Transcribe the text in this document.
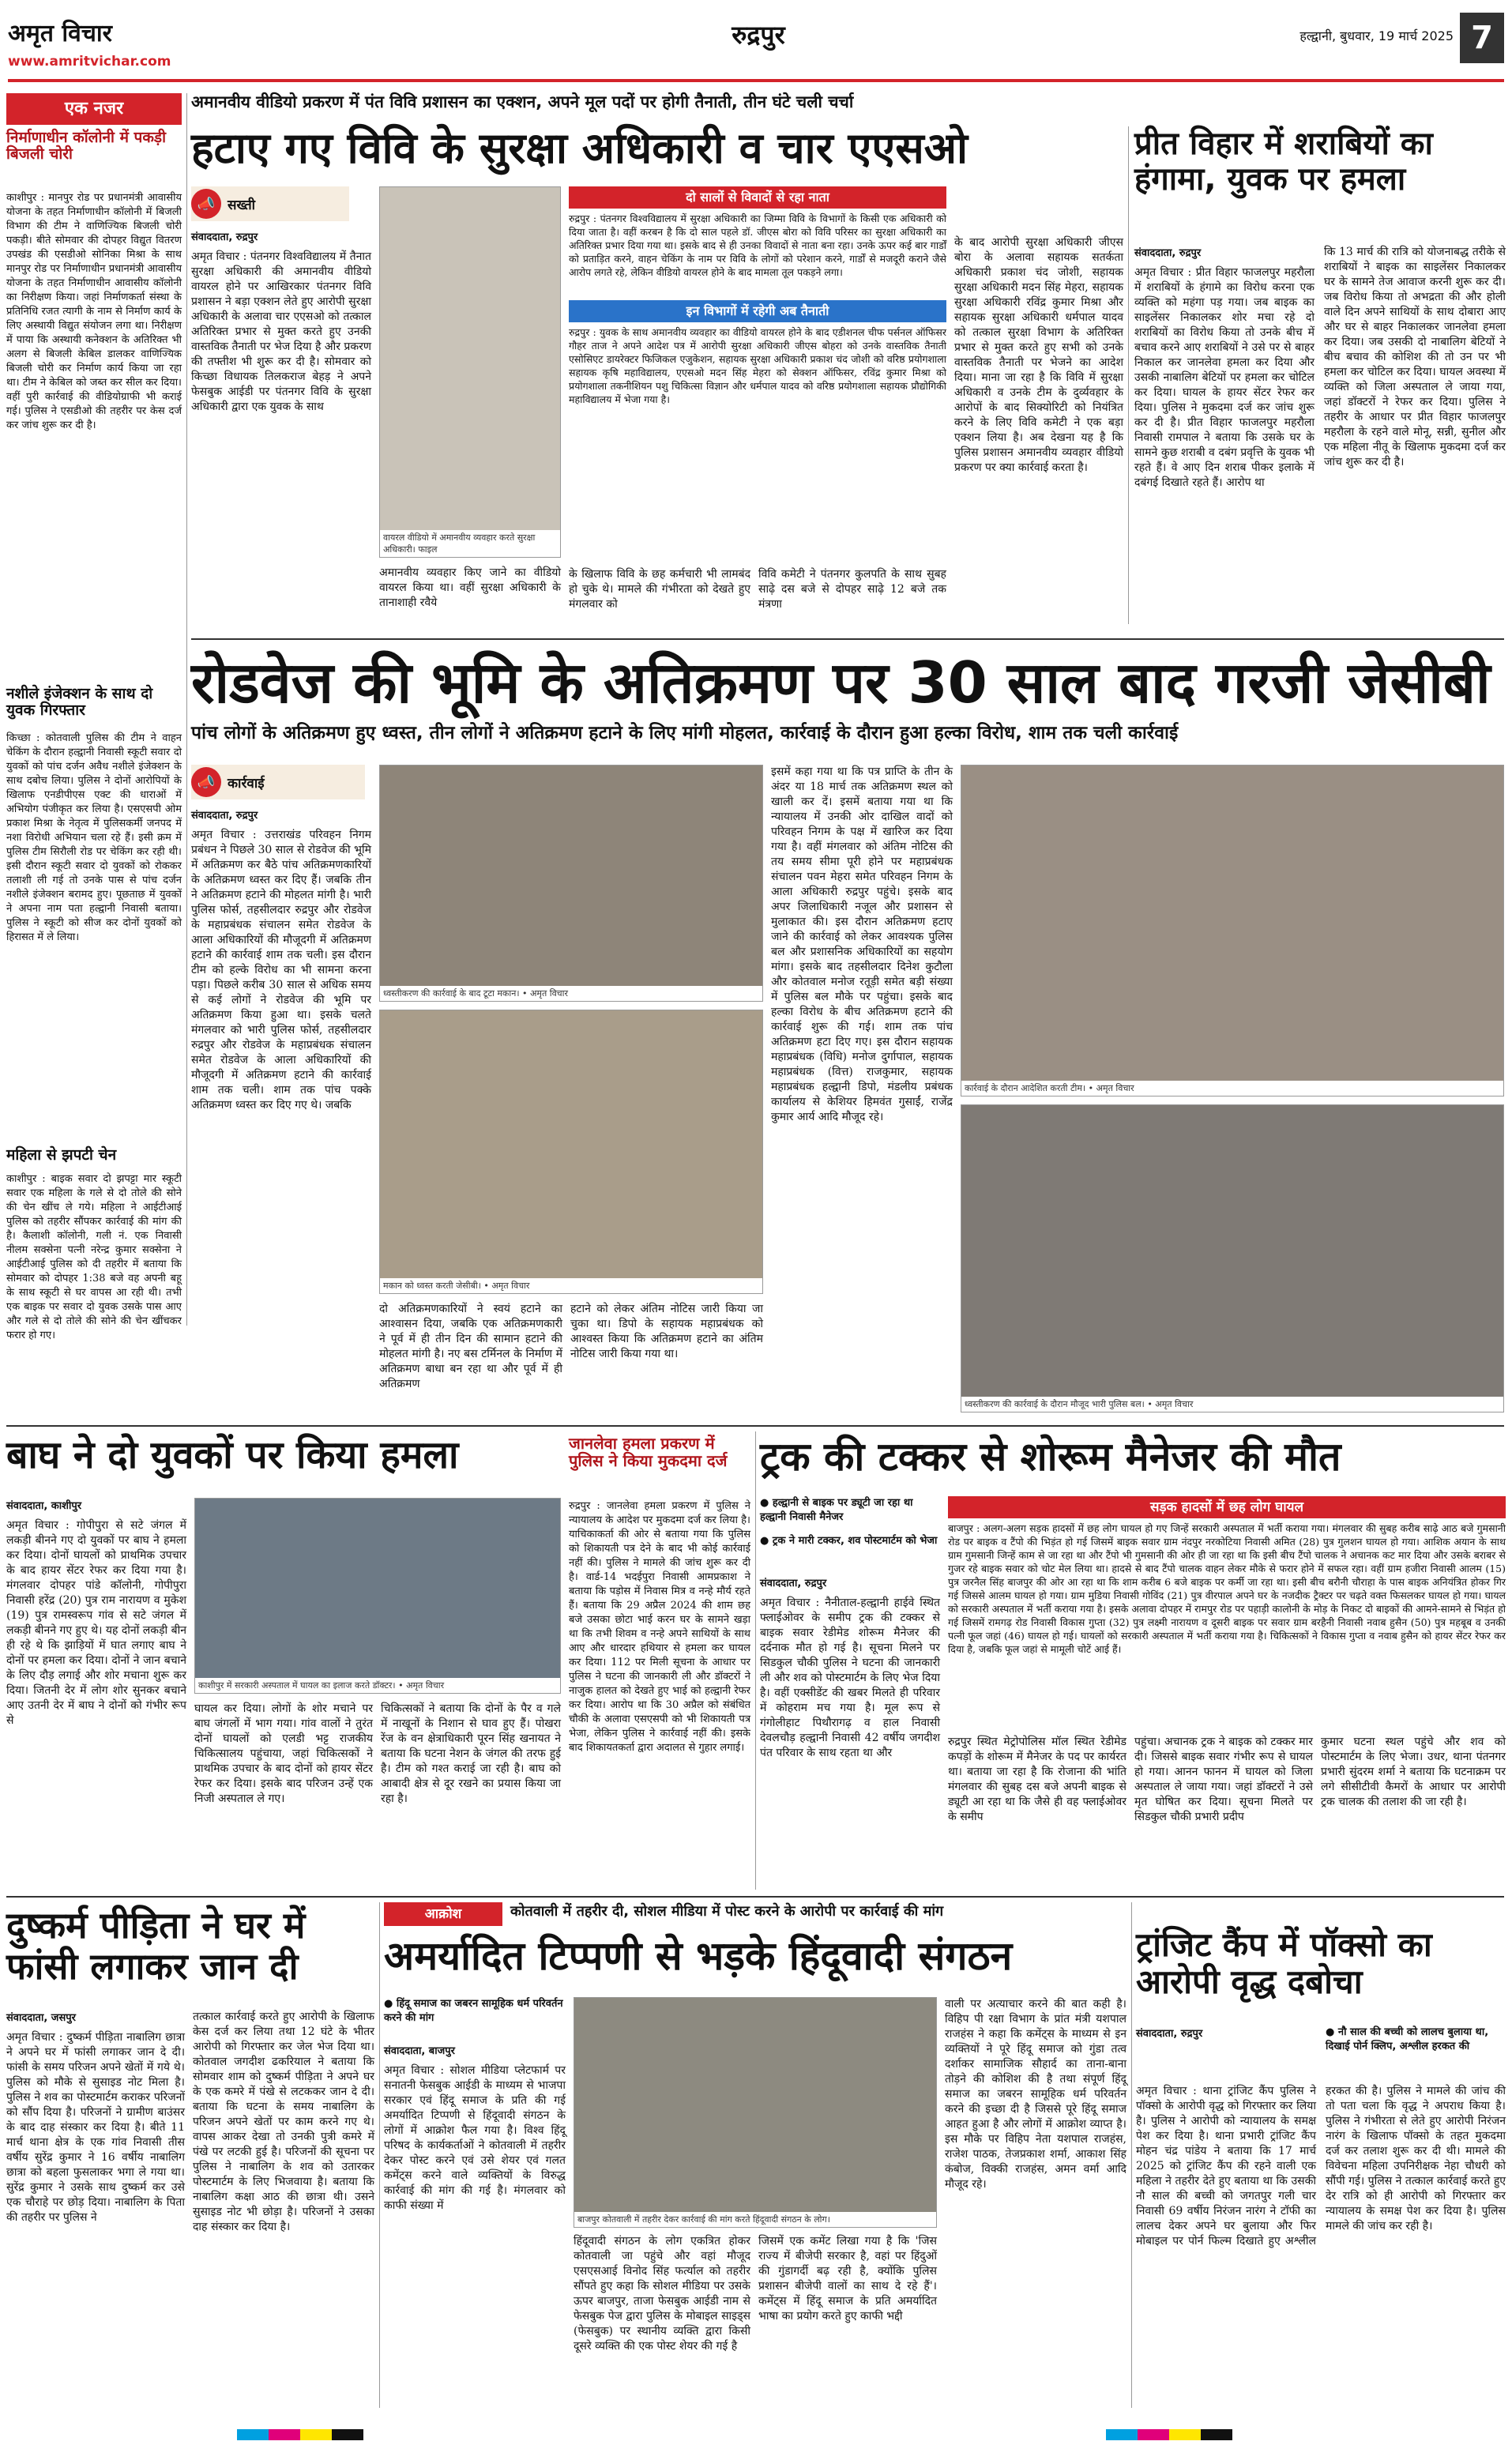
अमृत विचार
www.amritvichar.com
रुद्रपुर	हल्द्वानी, बुधवार, 19 मार्च 2025 7
एक नजर
निर्माणाधीन कॉलोनी में पकड़ी बिजली चोरी

काशीपुर : मानपुर रोड पर प्रधानमंत्री आवासीय योजना के तहत निर्माणाधीन कॉलोनी में बिजली विभाग की टीम ने वाणिज्यिक बिजली चोरी पकड़ी। बीते सोमवार की दोपहर विद्युत वितरण उपखंड की एसडीओ सोनिका मिश्रा के साथ मानपुर रोड पर निर्माणाधीन प्रधानमंत्री आवासीय योजना के तहत निर्माणाधीन आवासीय कॉलोनी का निरीक्षण किया। जहां निर्माणकर्ता संस्था के प्रतिनिधि रजत त्यागी के नाम से निर्माण कार्य के लिए अस्थायी विद्युत संयोजन लगा था। निरीक्षण में पाया कि अस्थायी कनेक्शन के अतिरिक्त भी अलग से बिजली केबिल डालकर वाणिज्यिक बिजली चोरी कर निर्माण कार्य किया जा रहा था। टीम ने केबिल को जब्त कर सील कर दिया। वहीं पुरी कार्रवाई की वीडियोग्राफी भी कराई गई। पुलिस ने एसडीओ की तहरीर पर केस दर्ज कर जांच शुरू कर दी है।

नशीले इंजेक्शन के साथ दो युवक गिरफ्तार

किच्छा : कोतवाली पुलिस की टीम ने वाहन चेकिंग के दौरान हल्द्वानी निवासी स्कूटी सवार दो युवकों को पांच दर्जन अवैध नशीले इंजेक्शन के साथ दबोच लिया। पुलिस ने दोनों आरोपियों के खिलाफ एनडीपीएस एक्ट की धाराओं में अभियोग पंजीकृत कर लिया है। एसएसपी ओम प्रकाश मिश्रा के नेतृत्व में पुलिसकर्मी जनपद में नशा विरोधी अभियान चला रहे हैं। इसी क्रम में पुलिस टीम सिरौली रोड पर चेकिंग कर रही थी। इसी दौरान स्कूटी सवार दो युवकों को रोककर तलाशी ली गई तो उनके पास से पांच दर्जन नशीले इंजेक्शन बरामद हुए। पूछताछ में युवकों ने अपना नाम पता हल्द्वानी निवासी बताया। पुलिस ने स्कूटी को सीज कर दोनों युवकों को हिरासत में ले लिया।

महिला से झपटी चेन

काशीपुर : बाइक सवार दो झपट्टा मार स्कूटी सवार एक महिला के गले से दो तोले की सोने की चेन खींच ले गये। महिला ने आईटीआई पुलिस को तहरीर सौंपकर कार्रवाई की मांग की है। कैलाशी कॉलोनी, गली नं. एक निवासी नीलम सक्सेना पत्नी नरेन्द्र कुमार सक्सेना ने आईटीआई पुलिस को दी तहरीर में बताया कि सोमवार को दोपहर 1:38 बजे वह अपनी बहू के साथ स्कूटी से घर वापस आ रही थी। तभी एक बाइक पर सवार दो युवक उसके पास आए और गले से दो तोले की सोने की चेन खींचकर फरार हो गए।

अमानवीय वीडियो प्रकरण में पंत विवि प्रशासन का एक्शन, अपने मूल पदों पर होगी तैनाती, तीन घंटे चली चर्चा
हटाए गए विवि के सुरक्षा अधिकारी व चार एएसओ
📣 सख्ती
संवाददाता, रुद्रपुर

अमृत विचार : पंतनगर विश्वविद्यालय में तैनात सुरक्षा अधिकारी की अमानवीय वीडियो वायरल होने पर आखिरकार पंतनगर विवि प्रशासन ने बड़ा एक्शन लेते हुए आरोपी सुरक्षा अधिकारी के अलावा चार एएसओ को तत्काल अतिरिक्त प्रभार से मुक्त करते हुए उनकी वास्तविक तैनाती पर भेज दिया है और प्रकरण की तफ्तीश भी शुरू कर दी है। सोमवार को किच्छा विधायक तिलकराज बेहड़ ने अपने फेसबुक आईडी पर पंतनगर विवि के सुरक्षा अधिकारी द्वारा एक युवक के साथ

वायरल वीडियो में अमानवीय व्यवहार करते सुरक्षा अधिकारी। फाइल

अमानवीय व्यवहार किए जाने का वीडियो वायरल किया था। वहीं सुरक्षा अधिकारी के तानाशाही रवैये

दो सालों से विवादों से रहा नाता

रुद्रपुर : पंतनगर विश्वविद्यालय में सुरक्षा अधिकारी का जिम्मा विवि के विभागों के किसी एक अधिकारी को दिया जाता है। वहीं करबन है कि दो साल पहले डॉ. जीएस बोरा को विवि परिसर का सुरक्षा अधिकारी का अतिरिक्त प्रभार दिया गया था। इसके बाद से ही उनका विवादों से नाता बना रहा। उनके ऊपर कई बार गार्डों को प्रताड़ित करने, वाहन चेकिंग के नाम पर विवि के लोगों को परेशान करने, गार्डों से मजदूरी कराने जैसे आरोप लगते रहे, लेकिन वीडियो वायरल होने के बाद मामला तूल पकड़ने लगा।

इन विभागों में रहेगी अब तैनाती

रुद्रपुर : युवक के साथ अमानवीय व्यवहार का वीडियो वायरल होने के बाद एडीशनल चीफ पर्सनल ऑफिसर गौहर ताज ने अपने आदेश पत्र में आरोपी सुरक्षा अधिकारी जीएस बोहरा को उनके वास्तविक तैनाती एसोसिएट डायरेक्टर फिजिकल एजुकेशन, सहायक सुरक्षा अधिकारी प्रकाश चंद जोशी को वरिष्ठ प्रयोगशाला सहायक कृषि महाविद्यालय, एएसओ मदन सिंह मेहरा को सेक्शन ऑफिसर, रविंद्र कुमार मिश्रा को प्रयोगशाला तकनीशियन पशु चिकित्सा विज्ञान और धर्मपाल यादव को वरिष्ठ प्रयोगशाला सहायक प्रौद्योगिकी महाविद्यालय में भेजा गया है।

के खिलाफ विवि के छह कर्मचारी भी लामबंद हो चुके थे। मामले की गंभीरता को देखते हुए मंगलवार को

विवि कमेटी ने पंतनगर कुलपति के साथ सुबह साढ़े दस बजे से दोपहर साढ़े 12 बजे तक मंत्रणा

के बाद आरोपी सुरक्षा अधिकारी जीएस बोरा के अलावा सहायक सतर्कता अधिकारी प्रकाश चंद जोशी, सहायक सुरक्षा अधिकारी मदन सिंह मेहरा, सहायक सुरक्षा अधिकारी रविंद्र कुमार मिश्रा और सहायक सुरक्षा अधिकारी धर्मपाल यादव को तत्काल सुरक्षा विभाग के अतिरिक्त प्रभार से मुक्त करते हुए सभी को उनके वास्तविक तैनाती पर भेजने का आदेश दिया। माना जा रहा है कि विवि में सुरक्षा अधिकारी व उनके टीम के दुर्व्यवहार के आरोपों के बाद सिक्योरिटी को नियंत्रित करने के लिए विवि कमेटी ने एक बड़ा एक्शन लिया है। अब देखना यह है कि पुलिस प्रशासन अमानवीय व्यवहार वीडियो प्रकरण पर क्या कार्रवाई करता है।

प्रीत विहार में शराबियों का हंगामा, युवक पर हमला
संवाददाता, रुद्रपुर

अमृत विचार : प्रीत विहार फाजलपुर महरौला में शराबियों के हंगामे का विरोध करना एक व्यक्ति को महंगा पड़ गया। जब बाइक का साइलेंसर निकालकर शोर मचा रहे दो शराबियों का विरोध किया तो उनके बीच में बचाव करने आए शराबियों ने उसे पर से बाहर निकाल कर जानलेवा हमला कर दिया और उसकी नाबालिग बेटियों पर हमला कर चोटिल कर दिया। घायल के हायर सेंटर रेफर कर दिया। पुलिस ने मुकदमा दर्ज कर जांच शुरू कर दी है। प्रीत विहार फाजलपुर महरौला निवासी रामपाल ने बताया कि उसके घर के सामने कुछ शराबी व दबंग प्रवृत्ति के युवक भी रहते हैं। वे आए दिन शराब पीकर इलाके में दबंगई दिखाते रहते हैं। आरोप था

कि 13 मार्च की रात्रि को योजनाबद्ध तरीके से शराबियों ने बाइक का साइलेंसर निकालकर घर के सामने तेज आवाज करनी शुरू कर दी। जब विरोध किया तो अभद्रता की और होली वाले दिन अपने साथियों के साथ दोबारा आए और घर से बाहर निकालकर जानलेवा हमला कर दिया। जब उसकी दो नाबालिग बेटियों ने बीच बचाव की कोशिश की तो उन पर भी हमला कर चोटिल कर दिया। घायल अवस्था में व्यक्ति को जिला अस्पताल ले जाया गया, जहां डॉक्टरों ने रेफर कर दिया। पुलिस ने तहरीर के आधार पर प्रीत विहार फाजलपुर महरौला के रहने वाले मोनू, सन्नी, सुनील और एक महिला नीतू के खिलाफ मुकदमा दर्ज कर जांच शुरू कर दी है।

रोडवेज की भूमि के अतिक्रमण पर 30 साल बाद गरजी जेसीबी
पांच लोगों के अतिक्रमण हुए ध्वस्त, तीन लोगों ने अतिक्रमण हटाने के लिए मांगी मोहलत, कार्रवाई के दौरान हुआ हल्का विरोध, शाम तक चली कार्रवाई
📣 कार्रवाई
संवाददाता, रुद्रपुर

अमृत विचार : उत्तराखंड परिवहन निगम प्रबंधन ने पिछले 30 साल से रोडवेज की भूमि में अतिक्रमण कर बैठे पांच अतिक्रमणकारियों के अतिक्रमण ध्वस्त कर दिए हैं। जबकि तीन ने अतिक्रमण हटाने की मोहलत मांगी है। भारी पुलिस फोर्स, तहसीलदार रुद्रपुर और रोडवेज के महाप्रबंधक संचालन समेत रोडवेज के आला अधिकारियों की मौजूदगी में अतिक्रमण हटाने की कार्रवाई शाम तक चली। इस दौरान टीम को हल्के विरोध का भी सामना करना पड़ा। पिछले करीब 30 साल से अधिक समय से कई लोगों ने रोडवेज की भूमि पर अतिक्रमण किया हुआ था। इसके चलते मंगलवार को भारी पुलिस फोर्स, तहसीलदार रुद्रपुर और रोडवेज के महाप्रबंधक संचालन समेत रोडवेज के आला अधिकारियों की मौजूदगी में अतिक्रमण हटाने की कार्रवाई शाम तक चली। शाम तक पांच पक्के अतिक्रमण ध्वस्त कर दिए गए थे। जबकि

ध्वस्तीकरण की कार्रवाई के बाद टूटा मकान। • अमृत विचार
मकान को ध्वस्त करती जेसीबी। • अमृत विचार

दो अतिक्रमणकारियों ने स्वयं हटाने का आश्वासन दिया, जबकि एक अतिक्रमणकारी ने पूर्व में ही तीन दिन की सामान हटाने की मोहलत मांगी है। नए बस टर्मिनल के निर्माण में अतिक्रमण बाधा बन रहा था और पूर्व में ही अतिक्रमण

हटाने को लेकर अंतिम नोटिस जारी किया जा चुका था। डिपो के सहायक महाप्रबंधक को आश्वस्त किया कि अतिक्रमण हटाने का अंतिम नोटिस जारी किया गया था।

इसमें कहा गया था कि पत्र प्राप्ति के तीन के अंदर या 18 मार्च तक अतिक्रमण स्थल को खाली कर दें। इसमें बताया गया था कि न्यायालय में उनकी ओर दाखिल वादों को परिवहन निगम के पक्ष में खारिज कर दिया गया है। वहीं मंगलवार को अंतिम नोटिस की तय समय सीमा पूरी होने पर महाप्रबंधक संचालन पवन मेहरा समेत परिवहन निगम के आला अधिकारी रुद्रपुर पहुंचे। इसके बाद अपर जिलाधिकारी नजूल और प्रशासन से मुलाकात की। इस दौरान अतिक्रमण हटाए जाने की कार्रवाई को लेकर आवश्यक पुलिस बल और प्रशासनिक अधिकारियों का सहयोग मांगा। इसके बाद तहसीलदार दिनेश कुटौला और कोतवाल मनोज रतूड़ी समेत बड़ी संख्या में पुलिस बल मौके पर पहुंचा। इसके बाद हल्का विरोध के बीच अतिक्रमण हटाने की कार्रवाई शुरू की गई। शाम तक पांच अतिक्रमण हटा दिए गए। इस दौरान सहायक महाप्रबंधक (विधि) मनोज दुर्गापाल, सहायक महाप्रबंधक (वित्त) राजकुमार, सहायक महाप्रबंधक हल्द्वानी डिपो, मंडलीय प्रबंधक कार्यालय से केशियर हिमवंत गुसाईं, राजेंद्र कुमार आर्य आदि मौजूद रहे।

कार्रवाई के दौरान आदेशित करती टीम। • अमृत विचार
ध्वस्तीकरण की कार्रवाई के दौरान मौजूद भारी पुलिस बल। • अमृत विचार
बाघ ने दो युवकों पर किया हमला
संवाददाता, काशीपुर

अमृत विचार : गोपीपुरा से सटे जंगल में लकड़ी बीनने गए दो युवकों पर बाघ ने हमला कर दिया। दोनों घायलों को प्राथमिक उपचार के बाद हायर सेंटर रेफर कर दिया गया है। मंगलवार दोपहर पांडे कॉलोनी, गोपीपुरा निवासी हरेंद्र (20) पुत्र राम नारायण व मुकेश (19) पुत्र रामस्वरूप गांव से सटे जंगल में लकड़ी बीनने गए हुए थे। यह दोनों लकड़ी बीन ही रहे थे कि झाड़ियों में घात लगाए बाघ ने दोनों पर हमला कर दिया। दोनों ने जान बचाने के लिए दौड़ लगाई और शोर मचाना शुरू कर दिया। जितनी देर में लोग शोर सुनकर बचाने आए उतनी देर में बाघ ने दोनों को गंभीर रूप से

काशीपुर में सरकारी अस्पताल में घायल का इलाज करते डॉक्टर। • अमृत विचार

घायल कर दिया। लोगों के शोर मचाने पर बाघ जंगलों में भाग गया। गांव वालों ने तुरंत दोनों घायलों को एलडी भट्ट राजकीय चिकित्सालय पहुंचाया, जहां चिकित्सकों ने प्राथमिक उपचार के बाद दोनों को हायर सेंटर रेफर कर दिया। इसके बाद परिजन उन्हें एक निजी अस्पताल ले गए।

चिकित्सकों ने बताया कि दोनों के पैर व गले में नाखूनों के निशान से घाव हुए हैं। पोखरा रेंज के वन क्षेत्राधिकारी पूरन सिंह खनायत ने बताया कि घटना नेशन के जंगल की तरफ हुई है। टीम को गश्त कराई जा रही है। बाघ को आबादी क्षेत्र से दूर रखने का प्रयास किया जा रहा है।

जानलेवा हमला प्रकरण में पुलिस ने किया मुकदमा दर्ज

रुद्रपुर : जानलेवा हमला प्रकरण में पुलिस ने न्यायालय के आदेश पर मुकदमा दर्ज कर लिया है। याचिकाकर्ता की ओर से बताया गया कि पुलिस को शिकायती पत्र देने के बाद भी कोई कार्रवाई नहीं की। पुलिस ने मामले की जांच शुरू कर दी है। वार्ड-14 भदईपुरा निवासी आमप्रकाश ने बताया कि पड़ोस में निवास मित्र व नन्हे मौर्य रहते हैं। बताया कि 29 अप्रैल 2024 की शाम छह बजे उसका छोटा भाई करन घर के सामने खड़ा था कि तभी शिवम व नन्हे अपने साथियों के साथ आए और धारदार हथियार से हमला कर घायल कर दिया। 112 पर मिली सूचना के आधार पर पुलिस ने घटना की जानकारी ली और डॉक्टरों ने नाजुक हालत को देखते हुए भाई को हल्द्वानी रेफर कर दिया। आरोप था कि 30 अप्रैल को संबंधित चौकी के अलावा एसएसपी को भी शिकायती पत्र भेजा, लेकिन पुलिस ने कार्रवाई नहीं की। इसके बाद शिकायतकर्ता द्वारा अदालत से गुहार लगाई।

ट्रक की टक्कर से शोरूम मैनेजर की मौत
● हल्द्वानी से बाइक पर ड्यूटी जा रहा था हल्द्वानी निवासी मैनेजर
● ट्रक ने मारी टक्कर, शव पोस्टमार्टम को भेजा
संवाददाता, रुद्रपुर

अमृत विचार : नैनीताल-हल्द्वानी हाईवे स्थित फ्लाईओवर के समीप ट्रक की टक्कर से बाइक सवार रेडीमेड शोरूम मैनेजर की दर्दनाक मौत हो गई है। सूचना मिलने पर सिडकुल चौकी पुलिस ने घटना की जानकारी ली और शव को पोस्टमार्टम के लिए भेज दिया है। वहीं एक्सीडेंट की खबर मिलते ही परिवार में कोहराम मच गया है। मूल रूप से गंगोलीहाट पिथौरागढ़ व हाल निवासी देवलचौड़ हल्द्वानी निवासी 42 वर्षीय जगदीश पंत परिवार के साथ रहता था और

सड़क हादसों में छह लोग घायल

बाजपुर : अलग-अलग सड़क हादसों में छह लोग घायल हो गए जिन्हें सरकारी अस्पताल में भर्ती कराया गया। मंगलवार की सुबह करीब साढ़े आठ बजे गुमसानी रोड पर बाइक व टैंपो की भिड़ंत हो गई जिसमें बाइक सवार ग्राम नंदपुर नरकोटिया निवासी अमित (28) पुत्र गुलशन घायल हो गया। आशिक अयान के साथ ग्राम गुमसानी जिन्हें काम से जा रहा था और टैंपो भी गुमसानी की ओर ही जा रहा था कि इसी बीच टैंपो चालक ने अचानक कट मार दिया और उसके बराबर से गुजर रहे बाइक सवार को चोट मेल लिया था। हादसे से बाद टैंपो चालक वाहन लेकर मौके से फरार होने में सफल रहा। वहीं ग्राम हजीरा निवासी आलम (15) पुत्र जरनैल सिंह बाजपुर की ओर आ रहा था कि शाम करीब 6 बजे बाइक पर कर्मी जा रहा था। इसी बीच बरौनी चौराहा के पास बाइक अनियंत्रित होकर गिर गई जिससे आलम घायल हो गया। ग्राम मुडिया निवासी गोविंद (21) पुत्र वीरपाल अपने घर के नजदीक ट्रैक्टर पर चढ़ते वक्त फिसलकर घायल हो गया। घायल को सरकारी अस्पताल में भर्ती कराया गया है। इसके अलावा दोपहर में रामपुर रोड पर पहाड़ी कालोनी के मोड़ के निकट दो बाइकों की आमने-सामने से भिड़ंत हो गई जिसमें रामगढ़ रोड निवासी विकास गुप्ता (32) पुत्र लक्ष्मी नारायण व दूसरी बाइक पर सवार ग्राम बरहैनी निवासी नवाब हुसैन (50) पुत्र महबूब व उनकी पत्नी फूल जहां (46) घायल हो गई। घायलों को सरकारी अस्पताल में भर्ती कराया गया है। चिकित्सकों ने विकास गुप्ता व नवाब हुसैन को हायर सेंटर रेफर कर दिया है, जबकि फूल जहां से मामूली चोटें आई हैं।

रुद्रपुर स्थित मेट्रोपोलिस मॉल स्थित रेडीमेड कपड़ों के शोरूम में मैनेजर के पद पर कार्यरत था। बताया जा रहा है कि रोजाना की भांति मंगलवार की सुबह दस बजे अपनी बाइक से ड्यूटी आ रहा था कि जैसे ही वह फ्लाईओवर के समीप

पहुंचा। अचानक ट्रक ने बाइक को टक्कर मार दी। जिससे बाइक सवार गंभीर रूप से घायल हो गया। आनन फानन में घायल को जिला अस्पताल ले जाया गया। जहां डॉक्टरों ने उसे मृत घोषित कर दिया। सूचना मिलते पर सिडकुल चौकी प्रभारी प्रदीप

कुमार घटना स्थल पहुंचे और शव को पोस्टमार्टम के लिए भेजा। उधर, थाना पंतनगर प्रभारी सुंदरम शर्मा ने बताया कि घटनाक्रम पर लगे सीसीटीवी कैमरों के आधार पर आरोपी ट्रक चालक की तलाश की जा रही है।

दुष्कर्म पीड़िता ने घर में फांसी लगाकर जान दी
संवाददाता, जसपुर

अमृत विचार : दुष्कर्म पीड़िता नाबालिग छात्रा ने अपने घर में फांसी लगाकर जान दे दी। फांसी के समय परिजन अपने खेतों में गये थे। पुलिस को मौके से सुसाइड नोट मिला है। पुलिस ने शव का पोस्टमार्टम कराकर परिजनों को सौंप दिया है। परिजनों ने ग्रामीण बाउंसर के बाद दाह संस्कार कर दिया है। बीते 11 मार्च थाना क्षेत्र के एक गांव निवासी तीस वर्षीय सुरेंद्र कुमार ने 16 वर्षीय नाबालिग छात्रा को बहला फुसलाकर भगा ले गया था। सुरेंद्र कुमार ने उसके साथ दुष्कर्म कर उसे एक चौराहे पर छोड़ दिया। नाबालिग के पिता की तहरीर पर पुलिस ने

तत्काल कार्रवाई करते हुए आरोपी के खिलाफ केस दर्ज कर लिया तथा 12 घंटे के भीतर आरोपी को गिरफ्तार कर जेल भेज दिया था। कोतवाल जगदीश ढकरियाल ने बताया कि सोमवार शाम को दुष्कर्म पीड़िता ने अपने घर के एक कमरे में पंखे से लटककर जान दे दी। बताया कि घटना के समय नाबालिग के परिजन अपने खेतों पर काम करने गए थे। वापस आकर देखा तो उनकी पुत्री कमरे में पंखे पर लटकी हुई है। परिजनों की सूचना पर पुलिस ने नाबालिग के शव को उतारकर पोस्टमार्टम के लिए भिजवाया है। बताया कि नाबालिग कक्षा आठ की छात्रा थी। उसने सुसाइड नोट भी छोड़ा है। परिजनों ने उसका दाह संस्कार कर दिया है।

आक्रोश	कोतवाली में तहरीर दी, सोशल मीडिया में पोस्ट करने के आरोपी पर कार्रवाई की मांग
अमर्यादित टिप्पणी से भड़के हिंदूवादी संगठन
● हिंदू समाज का जबरन सामूहिक धर्म परिवर्तन करने की मांग
संवाददाता, बाजपुर

अमृत विचार : सोशल मीडिया प्लेटफार्म पर सनातनी फेसबुक आईडी के माध्यम से भाजपा सरकार एवं हिंदू समाज के प्रति की गई अमर्यादित टिप्पणी से हिंदूवादी संगठन के लोगों में आक्रोश फैल गया है। विश्व हिंदू परिषद के कार्यकर्ताओं ने कोतवाली में तहरीर देकर पोस्ट करने एवं उसे शेयर एवं गलत कमेंट्स करने वाले व्यक्तियों के विरुद्ध कार्रवाई की मांग की गई है। मंगलवार को काफी संख्या में

बाजपुर कोतवाली में तहरीर देकर कार्रवाई की मांग करते हिंदूवादी संगठन के लोग।

हिंदूवादी संगठन के लोग एकत्रित होकर कोतवाली जा पहुंचे और वहां मौजूद एसएसआई विनोद सिंह फर्त्याल को तहरीर सौंपते हुए कहा कि सोशल मीडिया पर उसके ऊपर बाजपुर, ताजा फेसबुक आईडी नाम से फेसबुक पेज द्वारा पुलिस के मोबाइल साइड्स (फेसबुक) पर स्थानीय व्यक्ति द्वारा किसी दूसरे व्यक्ति की एक पोस्ट शेयर की गई है

जिसमें एक कमेंट लिखा गया है कि 'जिस राज्य में बीजेपी सरकार है, वहां पर हिंदुओं की गुंडागर्दी बढ़ रही है, क्योंकि पुलिस प्रशासन बीजेपी वालों का साथ दे रहे हैं'। कमेंट्स में हिंदू समाज के प्रति अमर्यादित भाषा का प्रयोग करते हुए काफी भद्दी

वाली पर अत्याचार करने की बात कही है। विहिप पी रक्षा विभाग के प्रांत मंत्री यशपाल राजहंस ने कहा कि कमेंट्स के माध्यम से इन व्यक्तियों ने पूरे हिंदू समाज को गुंडा तत्व दर्शाकर सामाजिक सौहार्द का ताना-बाना तोड़ने की कोशिश की है तथा संपूर्ण हिंदू समाज का जबरन सामूहिक धर्म परिवर्तन करने की इच्छा दी है जिससे पूरे हिंदू समाज आहत हुआ है और लोगों में आक्रोश व्याप्त है। इस मौके पर विहिप नेता यशपाल राजहंस, राजेश पाठक, तेजप्रकाश शर्मा, आकाश सिंह कंबोज, विक्की राजहंस, अमन वर्मा आदि मौजूद रहे।

ट्रांजिट कैंप में पॉक्सो का आरोपी वृद्ध दबोचा
संवाददाता, रुद्रपुर	● नौ साल की बच्ची को लालच बुलाया था, दिखाई पोर्न क्लिप, अश्लील हरकत की

अमृत विचार : थाना ट्रांजिट कैंप पुलिस ने पॉक्सो के आरोपी वृद्ध को गिरफ्तार कर लिया है। पुलिस ने आरोपी को न्यायालय के समक्ष पेश कर दिया है। थाना प्रभारी ट्रांजिट कैंप मोहन चंद्र पांडेय ने बताया कि 17 मार्च 2025 को ट्रांजिट कैंप की रहने वाली एक महिला ने तहरीर देते हुए बताया था कि उसकी नौ साल की बच्ची को जगतपुर गली चार निवासी 69 वर्षीय निरंजन नारंग ने टॉफी का लालच देकर अपने घर बुलाया और फिर मोबाइल पर पोर्न फिल्म दिखाते हुए अश्लील हरकत की है। पुलिस ने मामले की जांच की तो पता चला कि वृद्ध ने अपराध किया है। पुलिस ने गंभीरता से लेते हुए आरोपी निरंजन नारंग के खिलाफ पॉक्सो के तहत मुकदमा दर्ज कर तलाश शुरू कर दी थी। मामले की विवेचना महिला उपनिरीक्षक नेहा चौधरी को सौंपी गई। पुलिस ने तत्काल कार्रवाई करते हुए देर रात्रि को ही आरोपी को गिरफ्तार कर न्यायालय के समक्ष पेश कर दिया है। पुलिस मामले की जांच कर रही है।
